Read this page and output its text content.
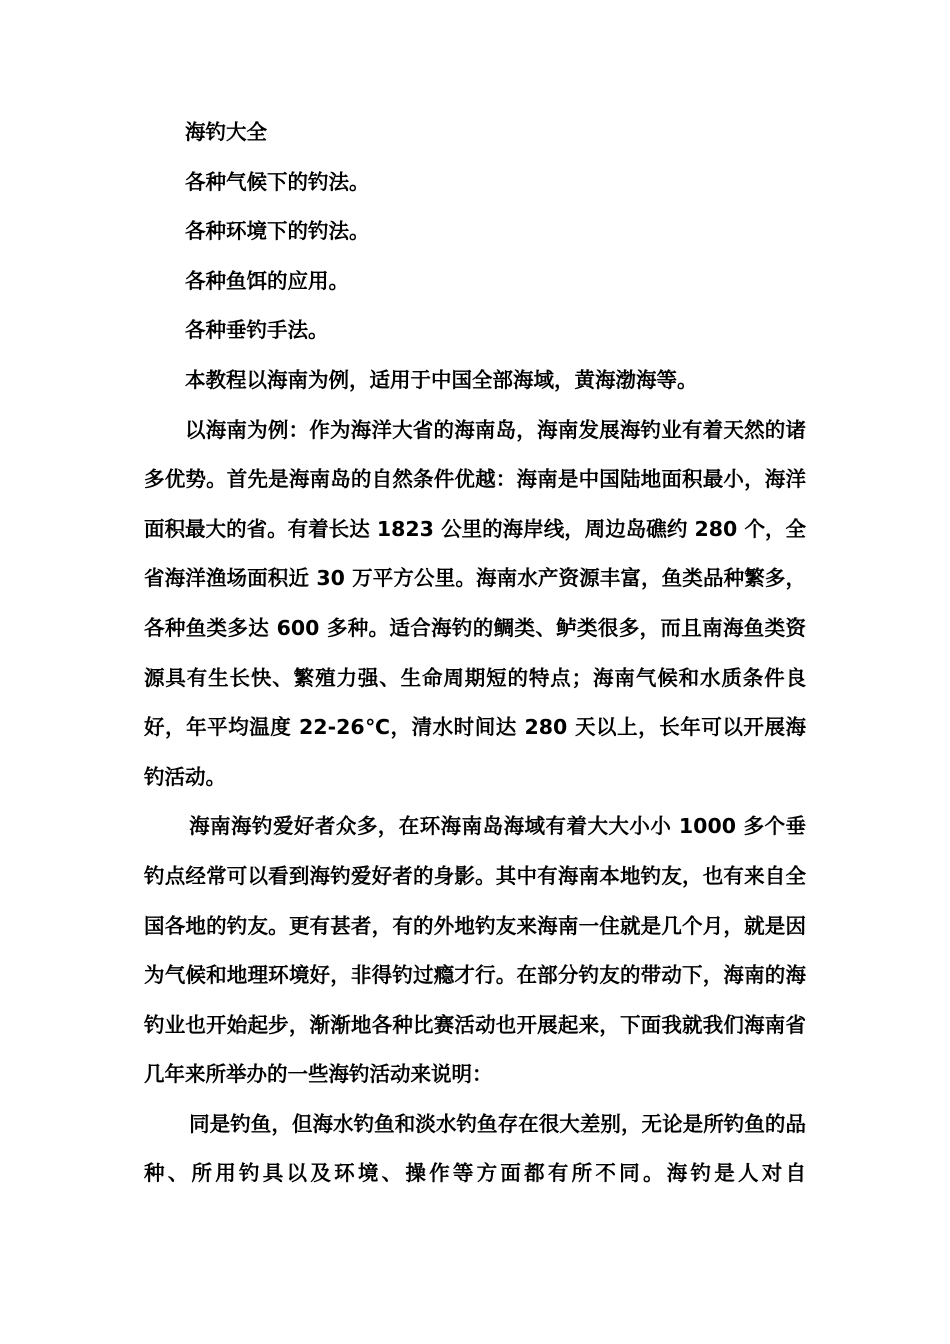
海钓大全

各种气候下的钓法。

各种环境下的钓法。

各种鱼饵的应用。

各种垂钓手法。

本教程以海南为例，适用于中国全部海域，黄海渤海等。

以海南为例：作为海洋大省的海南岛，海南发展海钓业有着天然的诸多优势。首先是海南岛的自然条件优越：海南是中国陆地面积最小，海洋面积最大的省。有着长达 1823 公里的海岸线，周边岛礁约 280 个，全省海洋渔场面积近 30 万平方公里。海南水产资源丰富，鱼类品种繁多，各种鱼类多达 600 多种。适合海钓的鲷类、鲈类很多，而且南海鱼类资源具有生长快、繁殖力强、生命周期短的特点；海南气候和水质条件良好，年平均温度 22-26℃，清水时间达 280 天以上，长年可以开展海钓活动。

海南海钓爱好者众多，在环海南岛海域有着大大小小 1000 多个垂钓点经常可以看到海钓爱好者的身影。其中有海南本地钓友，也有来自全国各地的钓友。更有甚者，有的外地钓友来海南一住就是几个月，就是因为气候和地理环境好，非得钓过瘾才行。在部分钓友的带动下，海南的海钓业也开始起步，渐渐地各种比赛活动也开展起来，下面我就我们海南省几年来所举办的一些海钓活动来说明：

同是钓鱼，但海水钓鱼和淡水钓鱼存在很大差别，无论是所钓鱼的品种、所用钓具以及环境、操作等方面都有所不同。海钓是人对自
